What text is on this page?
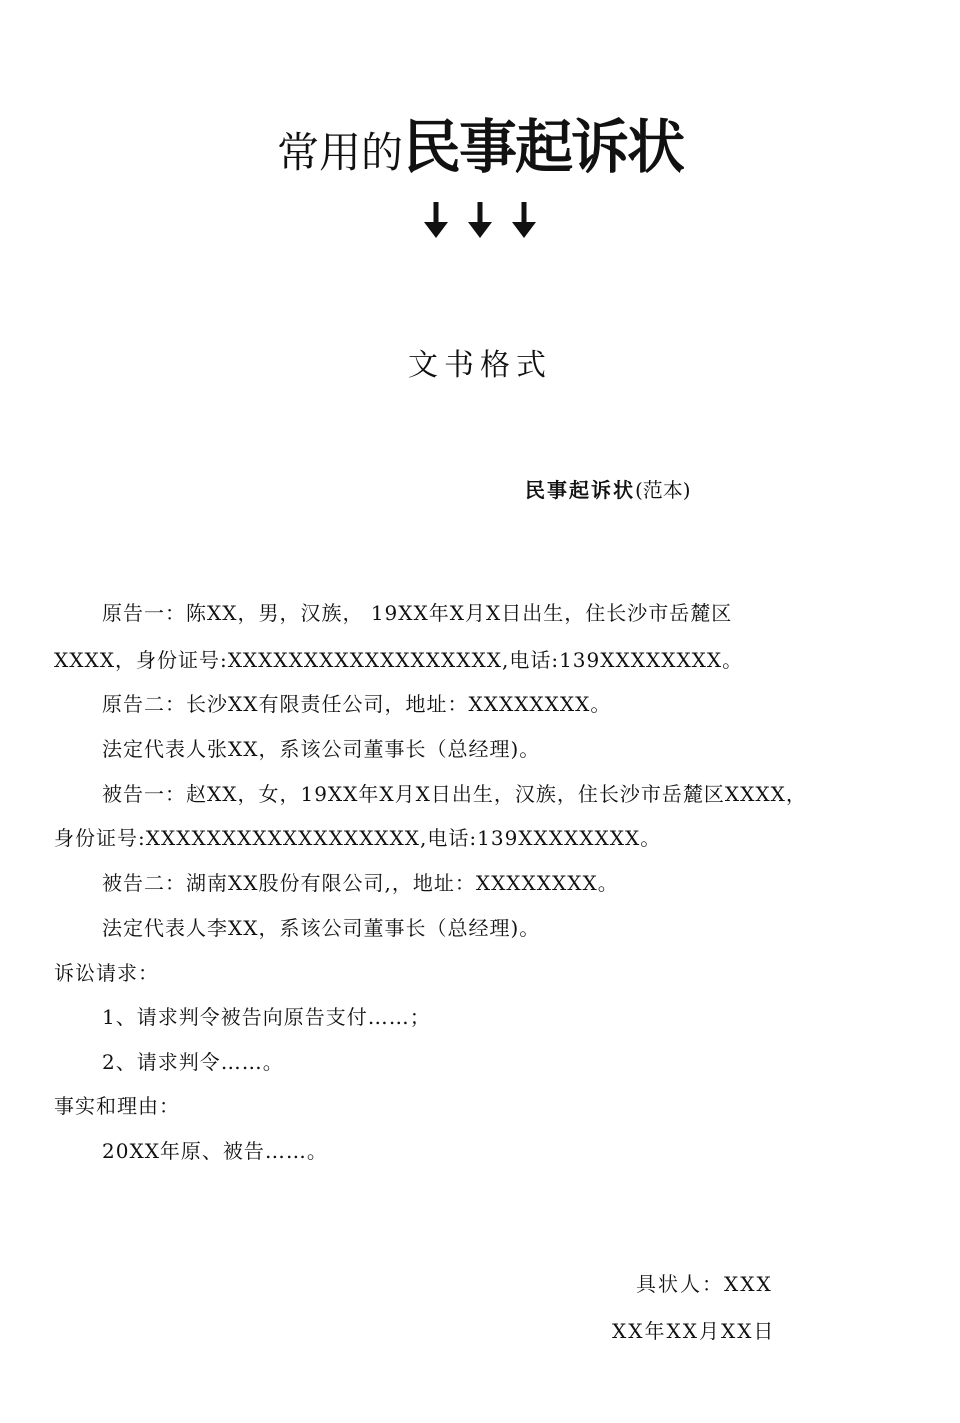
常用的民事起诉状
文书格式
民事起诉状(范本)
原告一：陈XX，男，汉族， 19XX年X月X日出生，住长沙市岳麓区
XXXX，身份证号:XXXXXXXXXXXXXXXXXX,电话:139XXXXXXXX。
原告二：长沙XX有限责任公司，地址：XXXXXXXX。
法定代表人张XX，系该公司董事长（总经理)。
被告一：赵XX，女，19XX年X月X日出生，汉族，住长沙市岳麓区XXXX，
身份证号:XXXXXXXXXXXXXXXXXX,电话:139XXXXXXXX。
被告二：湖南XX股份有限公司,，地址：XXXXXXXX。
法定代表人李XX，系该公司董事长（总经理)。
诉讼请求：
1、请求判令被告向原告支付……；
2、请求判令……。
事实和理由：
20XX年原、被告……。
具状人：XXX
XX年XX月XX日
